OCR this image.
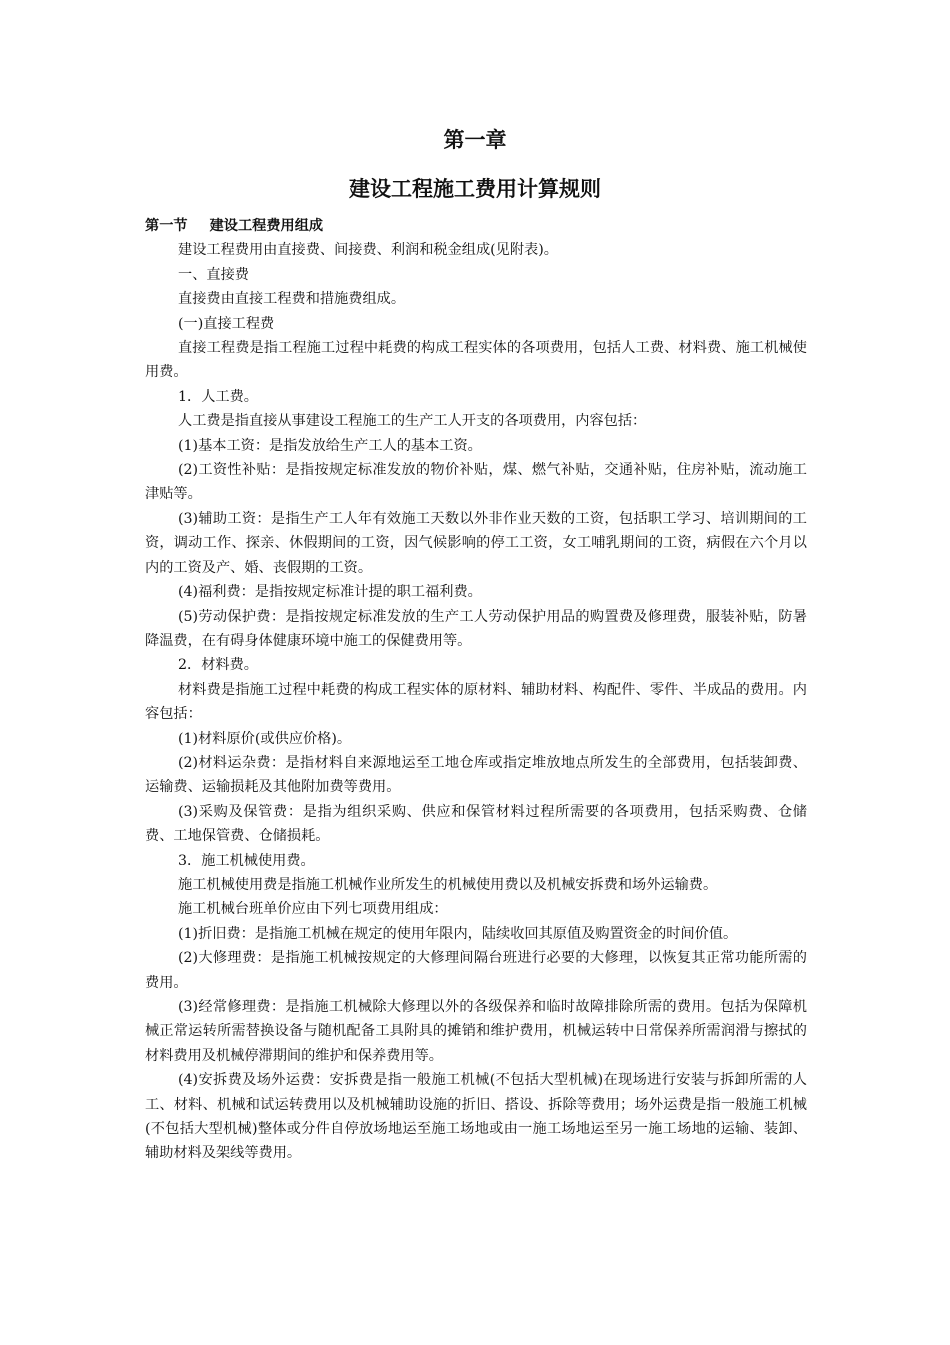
第一章
建设工程施工费用计算规则

第一节 建设工程费用组成

建设工程费用由直接费、间接费、利润和税金组成(见附表)。

一、直接费

直接费由直接工程费和措施费组成。

(一)直接工程费

直接工程费是指工程施工过程中耗费的构成工程实体的各项费用，包括人工费、材料费、施工机械使用费。

1．人工费。

人工费是指直接从事建设工程施工的生产工人开支的各项费用，内容包括：

(1)基本工资：是指发放给生产工人的基本工资。

(2)工资性补贴：是指按规定标准发放的物价补贴，煤、燃气补贴，交通补贴，住房补贴，流动施工津贴等。

(3)辅助工资：是指生产工人年有效施工天数以外非作业天数的工资，包括职工学习、培训期间的工资，调动工作、探亲、休假期间的工资，因气候影响的停工工资，女工哺乳期间的工资，病假在六个月以内的工资及产、婚、丧假期的工资。

(4)福利费：是指按规定标准计提的职工福利费。

(5)劳动保护费：是指按规定标准发放的生产工人劳动保护用品的购置费及修理费，服装补贴，防暑降温费，在有碍身体健康环境中施工的保健费用等。

2．材料费。

材料费是指施工过程中耗费的构成工程实体的原材料、辅助材料、构配件、零件、半成品的费用。内容包括：

(1)材料原价(或供应价格)。

(2)材料运杂费：是指材料自来源地运至工地仓库或指定堆放地点所发生的全部费用，包括装卸费、运输费、运输损耗及其他附加费等费用。

(3)采购及保管费：是指为组织采购、供应和保管材料过程所需要的各项费用，包括采购费、仓储费、工地保管费、仓储损耗。

3．施工机械使用费。

施工机械使用费是指施工机械作业所发生的机械使用费以及机械安拆费和场外运输费。

施工机械台班单价应由下列七项费用组成：

(1)折旧费：是指施工机械在规定的使用年限内，陆续收回其原值及购置资金的时间价值。

(2)大修理费：是指施工机械按规定的大修理间隔台班进行必要的大修理，以恢复其正常功能所需的费用。

(3)经常修理费：是指施工机械除大修理以外的各级保养和临时故障排除所需的费用。包括为保障机械正常运转所需替换设备与随机配备工具附具的摊销和维护费用，机械运转中日常保养所需润滑与擦拭的材料费用及机械停滞期间的维护和保养费用等。

(4)安拆费及场外运费：安拆费是指一般施工机械(不包括大型机械)在现场进行安装与拆卸所需的人工、材料、机械和试运转费用以及机械辅助设施的折旧、搭设、拆除等费用；场外运费是指一般施工机械(不包括大型机械)整体或分件自停放场地运至施工场地或由一施工场地运至另一施工场地的运输、装卸、辅助材料及架线等费用。
